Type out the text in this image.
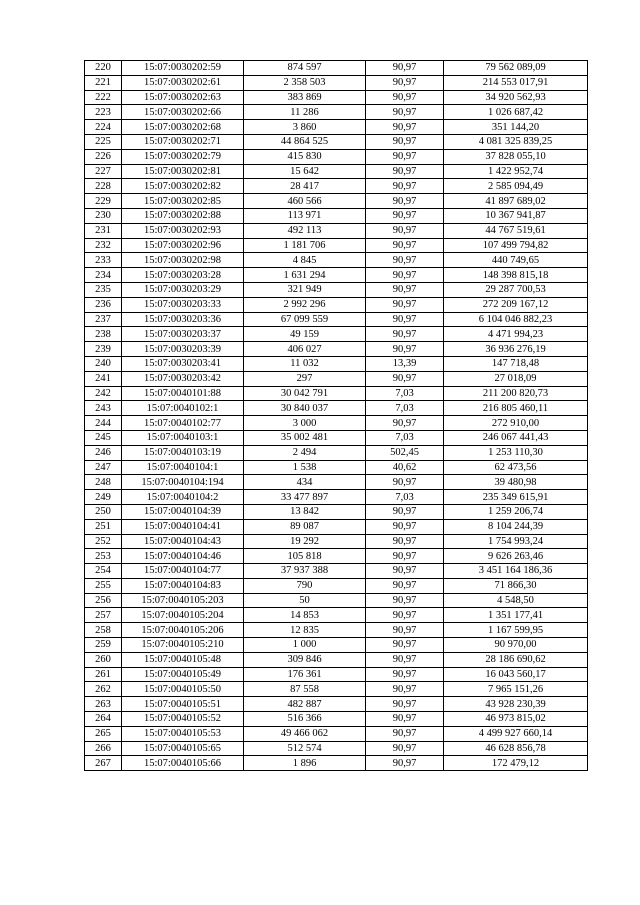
220	15:07:0030202:59	874 597	90,97	79 562 089,09
221	15:07:0030202:61	2 358 503	90,97	214 553 017,91
222	15:07:0030202:63	383 869	90,97	34 920 562,93
223	15:07:0030202:66	11 286	90,97	1 026 687,42
224	15:07:0030202:68	3 860	90,97	351 144,20
225	15:07:0030202:71	44 864 525	90,97	4 081 325 839,25
226	15:07:0030202:79	415 830	90,97	37 828 055,10
227	15:07:0030202:81	15 642	90,97	1 422 952,74
228	15:07:0030202:82	28 417	90,97	2 585 094,49
229	15:07:0030202:85	460 566	90,97	41 897 689,02
230	15:07:0030202:88	113 971	90,97	10 367 941,87
231	15:07:0030202:93	492 113	90,97	44 767 519,61
232	15:07:0030202:96	1 181 706	90,97	107 499 794,82
233	15:07:0030202:98	4 845	90,97	440 749,65
234	15:07:0030203:28	1 631 294	90,97	148 398 815,18
235	15:07:0030203:29	321 949	90,97	29 287 700,53
236	15:07:0030203:33	2 992 296	90,97	272 209 167,12
237	15:07:0030203:36	67 099 559	90,97	6 104 046 882,23
238	15:07:0030203:37	49 159	90,97	4 471 994,23
239	15:07:0030203:39	406 027	90,97	36 936 276,19
240	15:07:0030203:41	11 032	13,39	147 718,48
241	15:07:0030203:42	297	90,97	27 018,09
242	15:07:0040101:88	30 042 791	7,03	211 200 820,73
243	15:07:0040102:1	30 840 037	7,03	216 805 460,11
244	15:07:0040102:77	3 000	90,97	272 910,00
245	15:07:0040103:1	35 002 481	7,03	246 067 441,43
246	15:07:0040103:19	2 494	502,45	1 253 110,30
247	15:07:0040104:1	1 538	40,62	62 473,56
248	15:07:0040104:194	434	90,97	39 480,98
249	15:07:0040104:2	33 477 897	7,03	235 349 615,91
250	15:07:0040104:39	13 842	90,97	1 259 206,74
251	15:07:0040104:41	89 087	90,97	8 104 244,39
252	15:07:0040104:43	19 292	90,97	1 754 993,24
253	15:07:0040104:46	105 818	90,97	9 626 263,46
254	15:07:0040104:77	37 937 388	90,97	3 451 164 186,36
255	15:07:0040104:83	790	90,97	71 866,30
256	15:07:0040105:203	50	90,97	4 548,50
257	15:07:0040105:204	14 853	90,97	1 351 177,41
258	15:07:0040105:206	12 835	90,97	1 167 599,95
259	15:07:0040105:210	1 000	90,97	90 970,00
260	15:07:0040105:48	309 846	90,97	28 186 690,62
261	15:07:0040105:49	176 361	90,97	16 043 560,17
262	15:07:0040105:50	87 558	90,97	7 965 151,26
263	15:07:0040105:51	482 887	90,97	43 928 230,39
264	15:07:0040105:52	516 366	90,97	46 973 815,02
265	15:07:0040105:53	49 466 062	90,97	4 499 927 660,14
266	15:07:0040105:65	512 574	90,97	46 628 856,78
267	15:07:0040105:66	1 896	90,97	172 479,12
